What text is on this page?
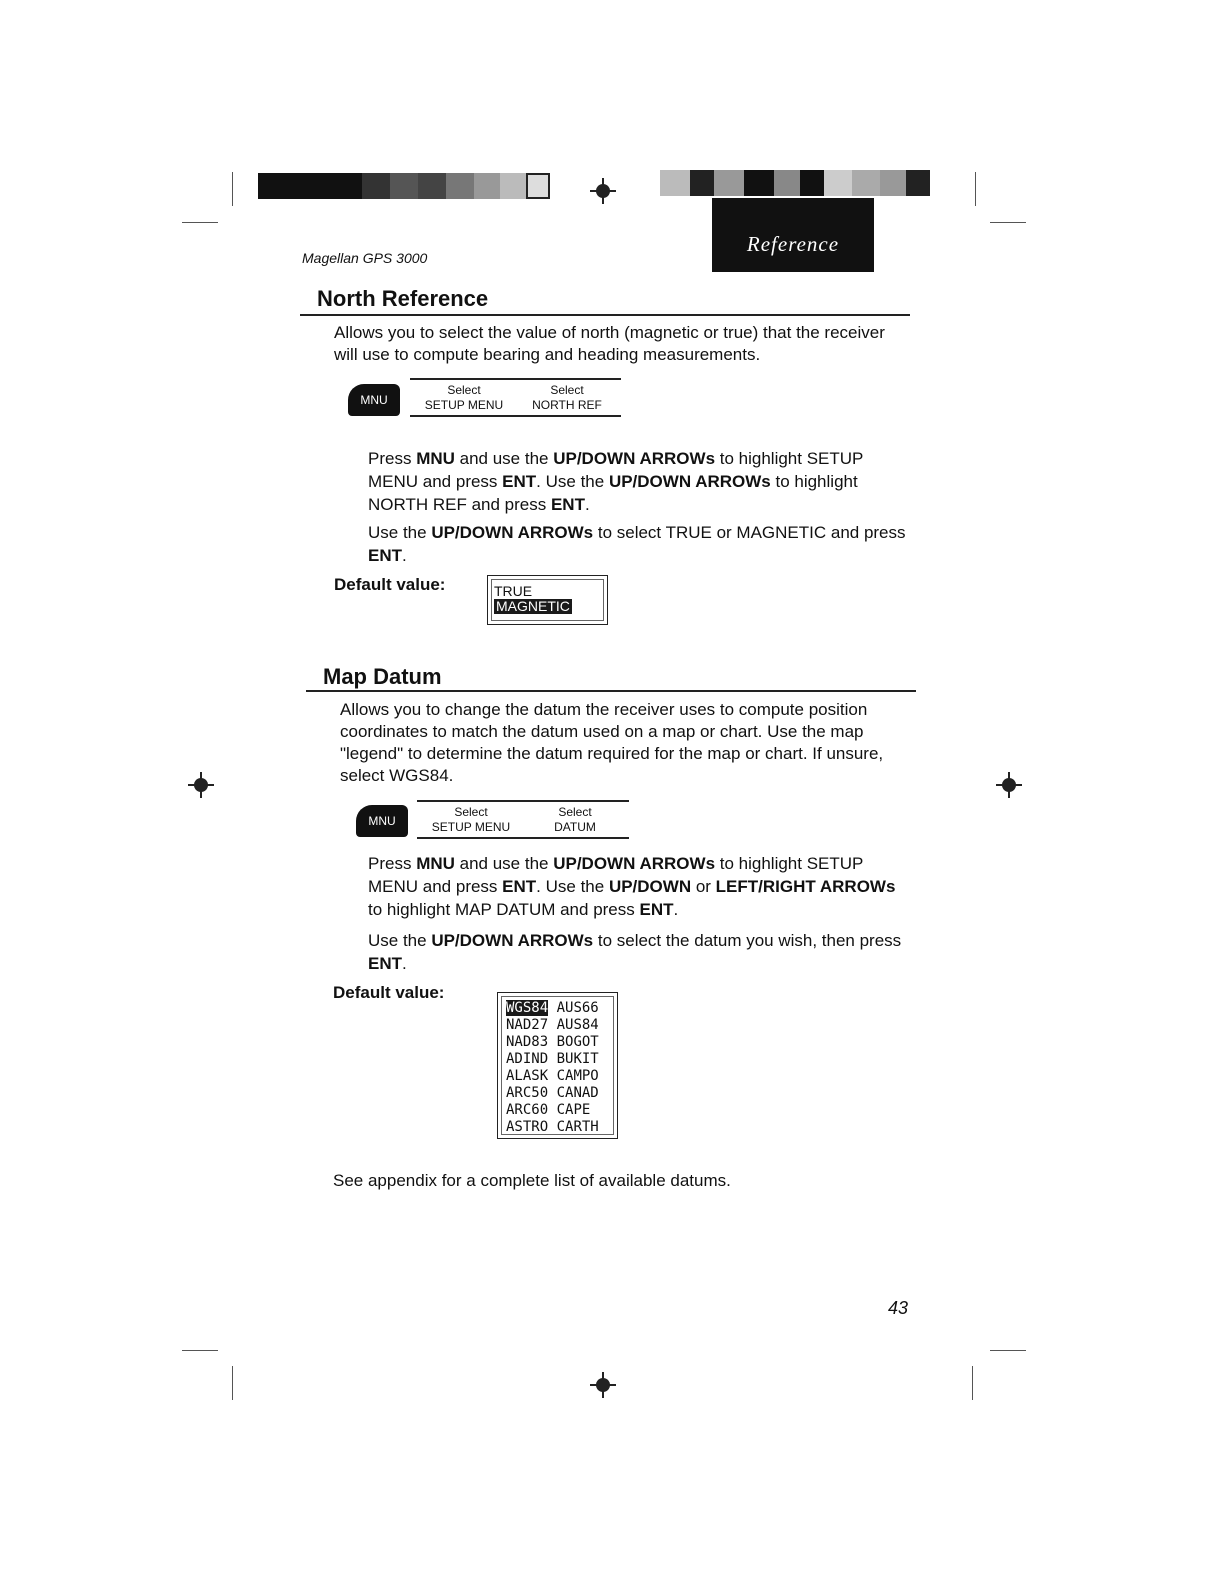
Reference
Magellan GPS 3000
North Reference
Allows you to select the value of north (magnetic or true) that the receiver will use to compute bearing and heading measurements.
MNU
Select
SETUP MENU
Select
NORTH REF
Press MNU and use the UP/DOWN ARROWs to highlight SETUP MENU and press ENT. Use the UP/DOWN ARROWs to highlight NORTH REF and press ENT.
Use the UP/DOWN ARROWs to select TRUE or MAGNETIC and press ENT.
Default value:	TRUE
MAGNETIC
Map Datum
Allows you to change the datum the receiver uses to compute position coordinates to match the datum used on a map or chart. Use the map "legend" to determine the datum required for the map or chart. If unsure, select WGS84.
MNU
Select
SETUP MENU
Select
DATUM
Press MNU and use the UP/DOWN ARROWs to highlight SETUP MENU and press ENT. Use the UP/DOWN or LEFT/RIGHT ARROWs to highlight MAP DATUM and press ENT.
Use the UP/DOWN ARROWs to select the datum you wish, then press ENT.
Default value:
WGS84 AUS66
NAD27 AUS84
NAD83 BOGOT
ADIND BUKIT
ALASK CAMPO
ARC50 CANAD
ARC60 CAPE
ASTRO CARTH
See appendix for a complete list of available datums.
43
